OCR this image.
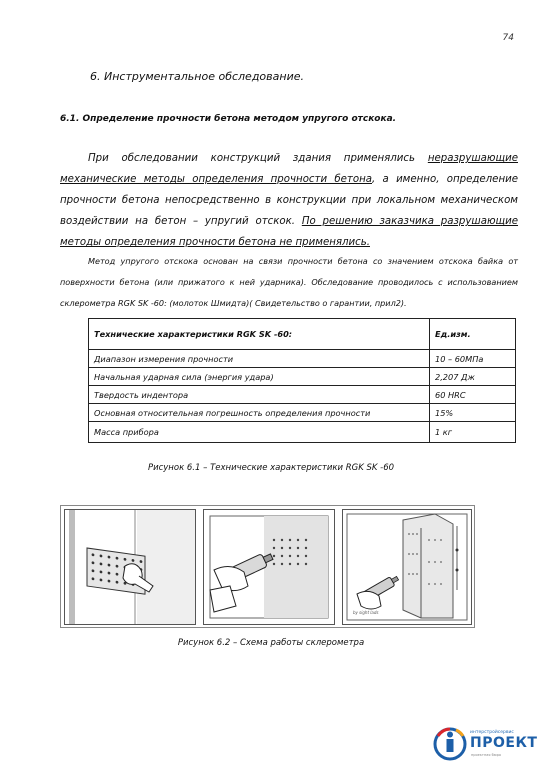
74
6. Инструментальное обследование.
6.1. Определение прочности бетона методом упругого отскока.
При обследовании конструкций здания применялись неразрушающие механические методы определения прочности бетона, а именно, определение прочности бетона непосредственно в конструкции при локальном механическом воздействии на бетон – упругий отскок. По решению заказчика разрушающие методы определения прочности бетона не применялись.
Метод упругого отскока основан на связи прочности бетона со значением отскока байка от поверхности бетона (или прижатого к ней ударника). Обследование проводилось с использованием склерометра RGK SK -60: (молоток Шмидта)( Свидетельство о гарантии, прил2).
Технические характеристики RGK SK -60:	Ед.изм.
Диапазон измерения прочности	10 – 60МПа
Начальная ударная сила (энергия удара)	2,207 Дж
Твердость индентора	60 HRC
Основная относительная погрешность определения прочности	15%
Масса прибора	1 кг
Рисунок 6.1 – Технические характеристики RGK SK -60
by sight lads
Рисунок 6.2 – Схема работы склерометра
интерстройсервис
ПРОЕКТ
проектная бюро
